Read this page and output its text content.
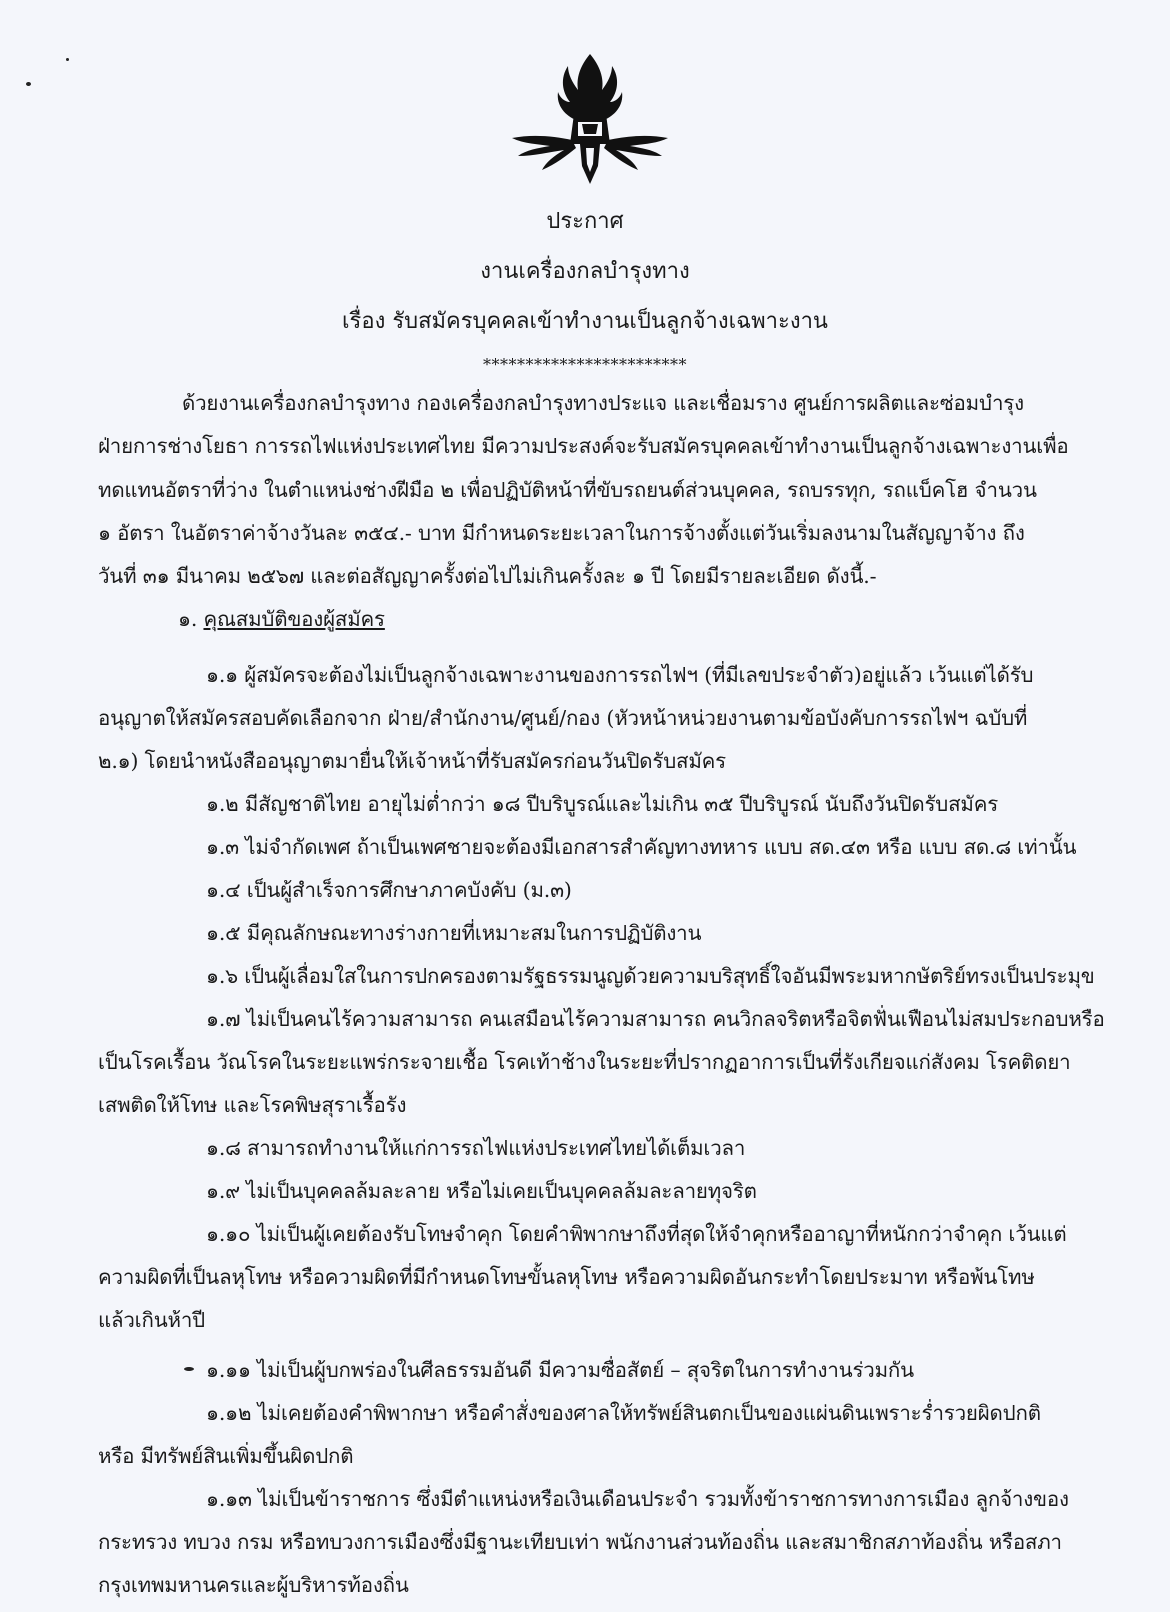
ประกาศ
งานเครื่องกลบำรุงทาง
เรื่อง รับสมัครบุคคลเข้าทำงานเป็นลูกจ้างเฉพาะงาน
************************
ด้วยงานเครื่องกลบำรุงทาง กองเครื่องกลบำรุงทางประแจ และเชื่อมราง ศูนย์การผลิตและซ่อมบำรุง
ฝ่ายการช่างโยธา การรถไฟแห่งประเทศไทย มีความประสงค์จะรับสมัครบุคคลเข้าทำงานเป็นลูกจ้างเฉพาะงานเพื่อ
ทดแทนอัตราที่ว่าง ในตำแหน่งช่างฝีมือ ๒ เพื่อปฏิบัติหน้าที่ขับรถยนต์ส่วนบุคคล, รถบรรทุก, รถแบ็คโฮ จำนวน
๑ อัตรา ในอัตราค่าจ้างวันละ ๓๕๔.- บาท มีกำหนดระยะเวลาในการจ้างตั้งแต่วันเริ่มลงนามในสัญญาจ้าง ถึง
วันที่ ๓๑ มีนาคม ๒๕๖๗ และต่อสัญญาครั้งต่อไปไม่เกินครั้งละ ๑ ปี โดยมีรายละเอียด ดังนี้.-
๑. คุณสมบัติของผู้สมัคร
๑.๑ ผู้สมัครจะต้องไม่เป็นลูกจ้างเฉพาะงานของการรถไฟฯ (ที่มีเลขประจำตัว)อยู่แล้ว เว้นแต่ได้รับ
อนุญาตให้สมัครสอบคัดเลือกจาก ฝ่าย/สำนักงาน/ศูนย์/กอง (หัวหน้าหน่วยงานตามข้อบังคับการรถไฟฯ ฉบับที่
๒.๑) โดยนำหนังสืออนุญาตมายื่นให้เจ้าหน้าที่รับสมัครก่อนวันปิดรับสมัคร
๑.๒ มีสัญชาติไทย อายุไม่ต่ำกว่า ๑๘ ปีบริบูรณ์และไม่เกิน ๓๕ ปีบริบูรณ์ นับถึงวันปิดรับสมัคร
๑.๓ ไม่จำกัดเพศ ถ้าเป็นเพศชายจะต้องมีเอกสารสำคัญทางทหาร แบบ สด.๔๓ หรือ แบบ สด.๘ เท่านั้น
๑.๔ เป็นผู้สำเร็จการศึกษาภาคบังคับ (ม.๓)
๑.๕ มีคุณลักษณะทางร่างกายที่เหมาะสมในการปฏิบัติงาน
๑.๖ เป็นผู้เลื่อมใสในการปกครองตามรัฐธรรมนูญด้วยความบริสุทธิ์ใจอันมีพระมหากษัตริย์ทรงเป็นประมุข
๑.๗ ไม่เป็นคนไร้ความสามารถ คนเสมือนไร้ความสามารถ คนวิกลจริตหรือจิตฟั่นเฟือนไม่สมประกอบหรือ
เป็นโรคเรื้อน วัณโรคในระยะแพร่กระจายเชื้อ โรคเท้าช้างในระยะที่ปรากฏอาการเป็นที่รังเกียจแก่สังคม โรคติดยา
เสพติดให้โทษ และโรคพิษสุราเรื้อรัง
๑.๘ สามารถทำงานให้แก่การรถไฟแห่งประเทศไทยได้เต็มเวลา
๑.๙ ไม่เป็นบุคคลล้มละลาย หรือไม่เคยเป็นบุคคลล้มละลายทุจริต
๑.๑๐ ไม่เป็นผู้เคยต้องรับโทษจำคุก โดยคำพิพากษาถึงที่สุดให้จำคุกหรืออาญาที่หนักกว่าจำคุก เว้นแต่
ความผิดที่เป็นลหุโทษ หรือความผิดที่มีกำหนดโทษขั้นลหุโทษ หรือความผิดอันกระทำโดยประมาท หรือพ้นโทษ
แล้วเกินห้าปี
๑.๑๑ ไม่เป็นผู้บกพร่องในศีลธรรมอันดี มีความซื่อสัตย์ – สุจริตในการทำงานร่วมกัน
๑.๑๒ ไม่เคยต้องคำพิพากษา หรือคำสั่งของศาลให้ทรัพย์สินตกเป็นของแผ่นดินเพราะร่ำรวยผิดปกติ
หรือ มีทรัพย์สินเพิ่มขึ้นผิดปกติ
๑.๑๓ ไม่เป็นข้าราชการ ซึ่งมีตำแหน่งหรือเงินเดือนประจำ รวมทั้งข้าราชการทางการเมือง ลูกจ้างของ
กระทรวง ทบวง กรม หรือทบวงการเมืองซึ่งมีฐานะเทียบเท่า พนักงานส่วนท้องถิ่น และสมาชิกสภาท้องถิ่น หรือสภา
กรุงเทพมหานครและผู้บริหารท้องถิ่น
